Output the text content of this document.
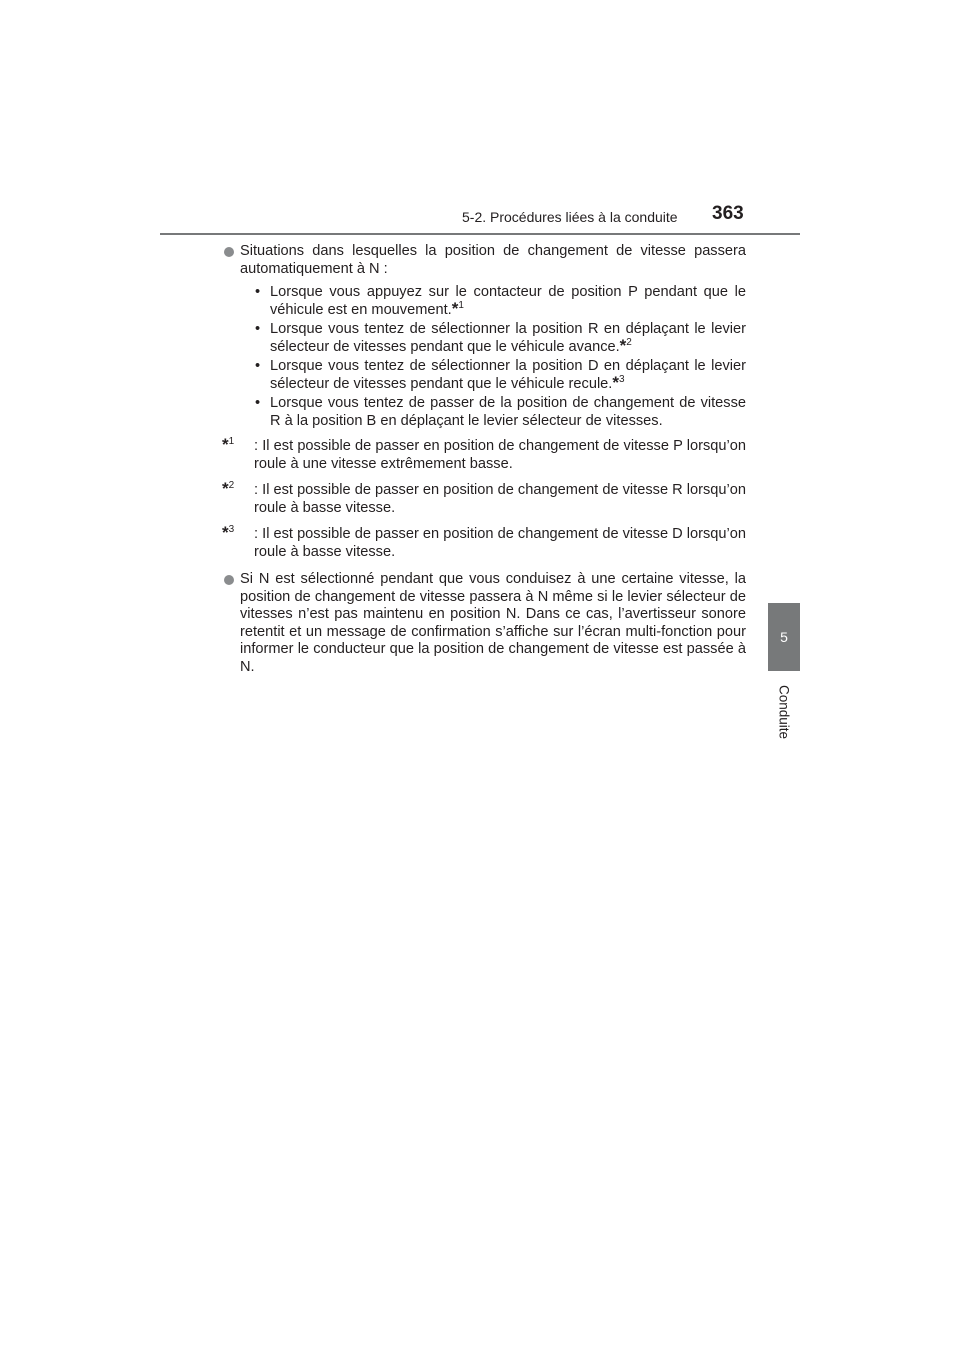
5-2. Procédures liées à la conduite 363
5
Conduite
Situations dans lesquelles la position de changement de vitesse passera automatiquement à N :
• Lorsque vous appuyez sur le contacteur de position P pendant que le véhicule est en mouvement.*$^1$
• Lorsque vous tentez de sélectionner la position R en déplaçant le levier sélecteur de vitesses pendant que le véhicule avance.*$^2$
• Lorsque vous tentez de sélectionner la position D en déplaçant le levier sélecteur de vitesses pendant que le véhicule recule.*$^3$
• Lorsque vous tentez de passer de la position de changement de vitesse R à la position B en déplaçant le levier sélecteur de vitesses.
*$^1$ : Il est possible de passer en position de changement de vitesse P lorsqu’on roule à une vitesse extrêmement basse.
*$^2$ : Il est possible de passer en position de changement de vitesse R lorsqu’on roule à basse vitesse.
*$^3$ : Il est possible de passer en position de changement de vitesse D lorsqu’on roule à basse vitesse.
Si N est sélectionné pendant que vous conduisez à une certaine vitesse, la position de changement de vitesse passera à N même si le levier sélecteur de vitesses n’est pas maintenu en position N. Dans ce cas, l’avertisseur sonore retentit et un message de confirmation s’affiche sur l’écran multi-fonction pour informer le conducteur que la position de changement de vitesse est passée à N.
